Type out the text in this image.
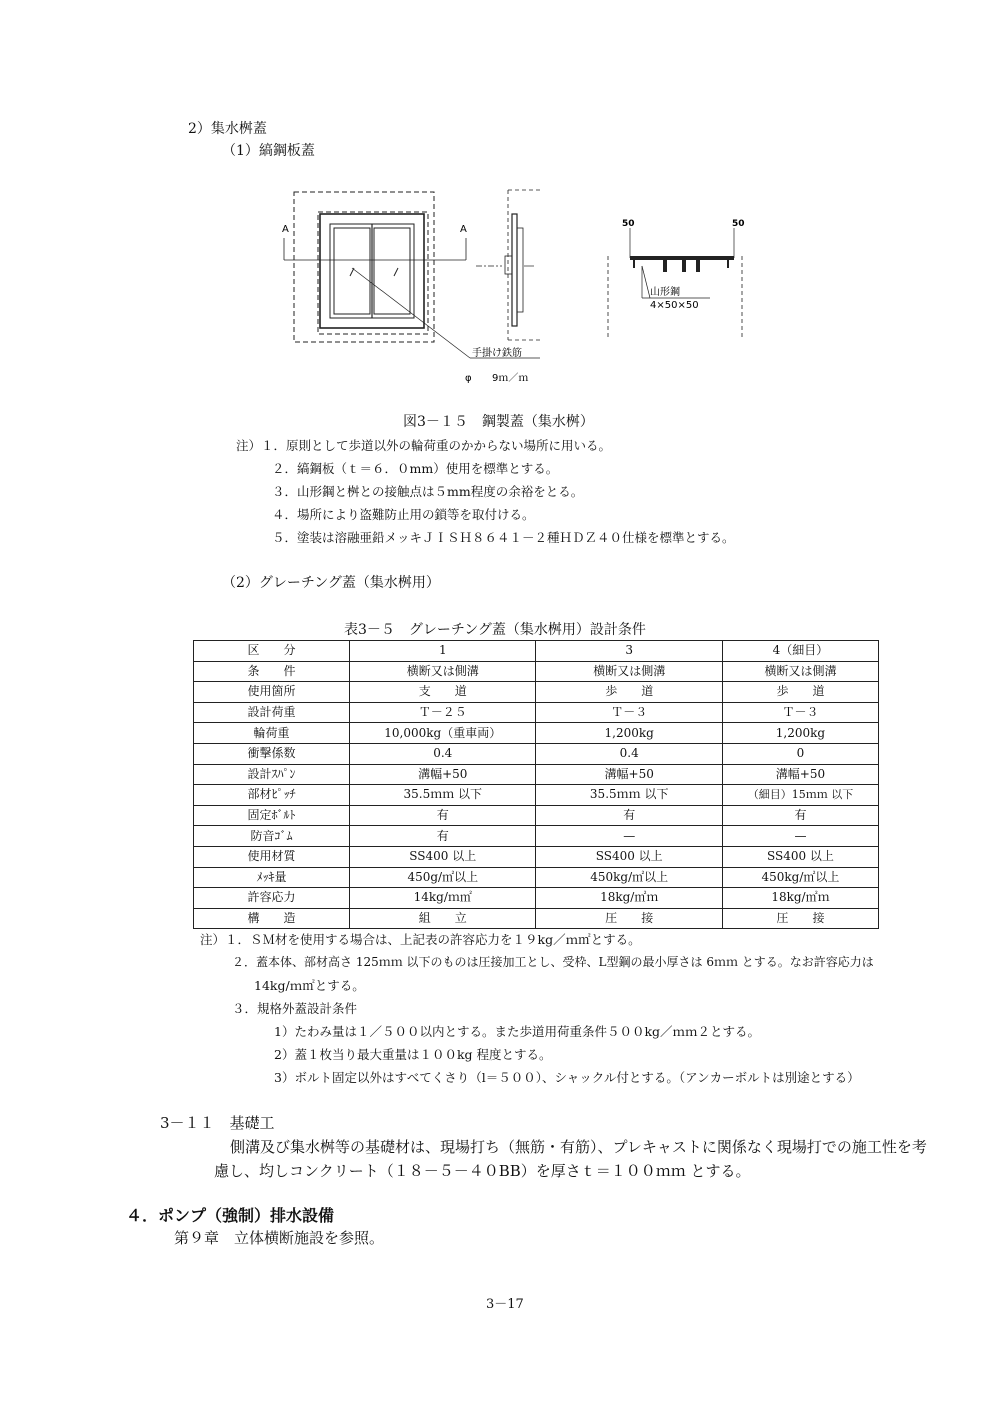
2）集水桝蓋
（1）縞鋼板蓋
A	A
手掛け鉄筋
φ 9ｍ／ｍ
50	50
山形鋼
4×50×50
図3－１５　鋼製蓋（集水桝）
注）１．原則として歩道以外の輪荷重のかからない場所に用いる。
２．縞鋼板（ｔ＝６．０mm）使用を標準とする。
３．山形鋼と桝との接触点は５mm程度の余裕をとる。
４．場所により盗難防止用の鎖等を取付ける。
５．塗装は溶融亜鉛メッキＪＩＳＨ８６４１－２種ＨＤＺ４０仕様を標準とする。
（2）グレーチング蓋（集水桝用）
表3－５　グレーチング蓋（集水桝用）設計条件
区　　分	1	3	4（細目）
条　　件	横断又は側溝	横断又は側溝	横断又は側溝
使用箇所	支　　道	歩　　道	歩　　道
設計荷重	Ｔ－２５	Ｔ－３	Ｔ－３
輪荷重	10,000kg（重車両）	1,200kg	1,200kg
衝撃係数	0.4	0.4	0
設計ｽﾊﾟﾝ	溝幅+50	溝幅+50	溝幅+50
部材ﾋﾟｯﾁ	35.5ｍｍ 以下	35.5ｍｍ 以下	（細目）15ｍｍ 以下
固定ﾎﾞﾙﾄ	有	有	有
防音ｺﾞﾑ	有	—	—
使用材質	SS400 以上	SS400 以上	SS400 以上
ﾒｯｷ量	450g/㎡以上	450kg/㎡以上	450kg/㎡以上
許容応力	14kg/ｍ㎡	18kg/㎡ｍ	18kg/㎡ｍ
構　　造	組　　立	圧　　接	圧　　接
注）１．ＳＭ材を使用する場合は、上記表の許容応力を１９kg／ｍ㎡とする。
２．蓋本体、部材高さ 125ｍｍ 以下のものは圧接加工とし、受枠、L型鋼の最小厚さは 6ｍｍ とする。なお許容応力は
14kg/ｍ㎡とする。
３．規格外蓋設計条件
1）たわみ量は１／５００以内とする。また歩道用荷重条件５００kg／ｍｍ２とする。
2）蓋１枚当り最大重量は１００kg 程度とする。
3）ボルト固定以外はすべてくさり（l＝５００）、シャックル付とする。（アンカーボルトは別途とする）
3－１１　基礎工
側溝及び集水桝等の基礎材は、現場打ち（無筋・有筋）、プレキャストに関係なく現場打での施工性を考
慮し、均しコンクリート（１８－５－４０BB）を厚さｔ＝１００ｍｍ とする。
４．ポンプ（強制）排水設備
第９章　立体横断施設を参照。
3－17
